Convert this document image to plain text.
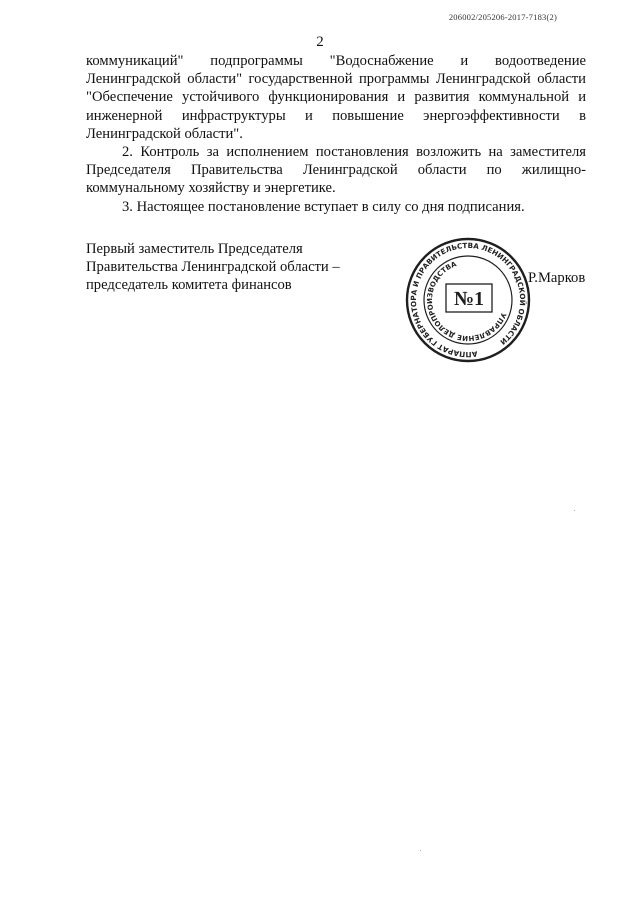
206002/205206-2017-7183(2)
2

коммуникаций" подпрограммы "Водоснабжение и водоотведение Ленинградской области" государственной программы Ленинградской области "Обеспечение устойчивого функционирования и развития коммунальной и инженерной инфраструктуры и повышение энергоэффективности в Ленинградской области".

2. Контроль за исполнением постановления возложить на заместителя Председателя Правительства Ленинградской области по жилищно-коммунальному хозяйству и энергетике.

3. Настоящее постановление вступает в силу со дня подписания.

Первый заместитель Председателя
Правительства Ленинградской области –
председатель комитета финансов
АППАРАТ ГУБЕРНАТОРА И ПРАВИТЕЛЬСТВА ЛЕНИНГРАДСКОЙ ОБЛАСТИ
УПРАВЛЕНИЕ ДЕЛОПРОИЗВОДСТВА
№1
Р.Марков
